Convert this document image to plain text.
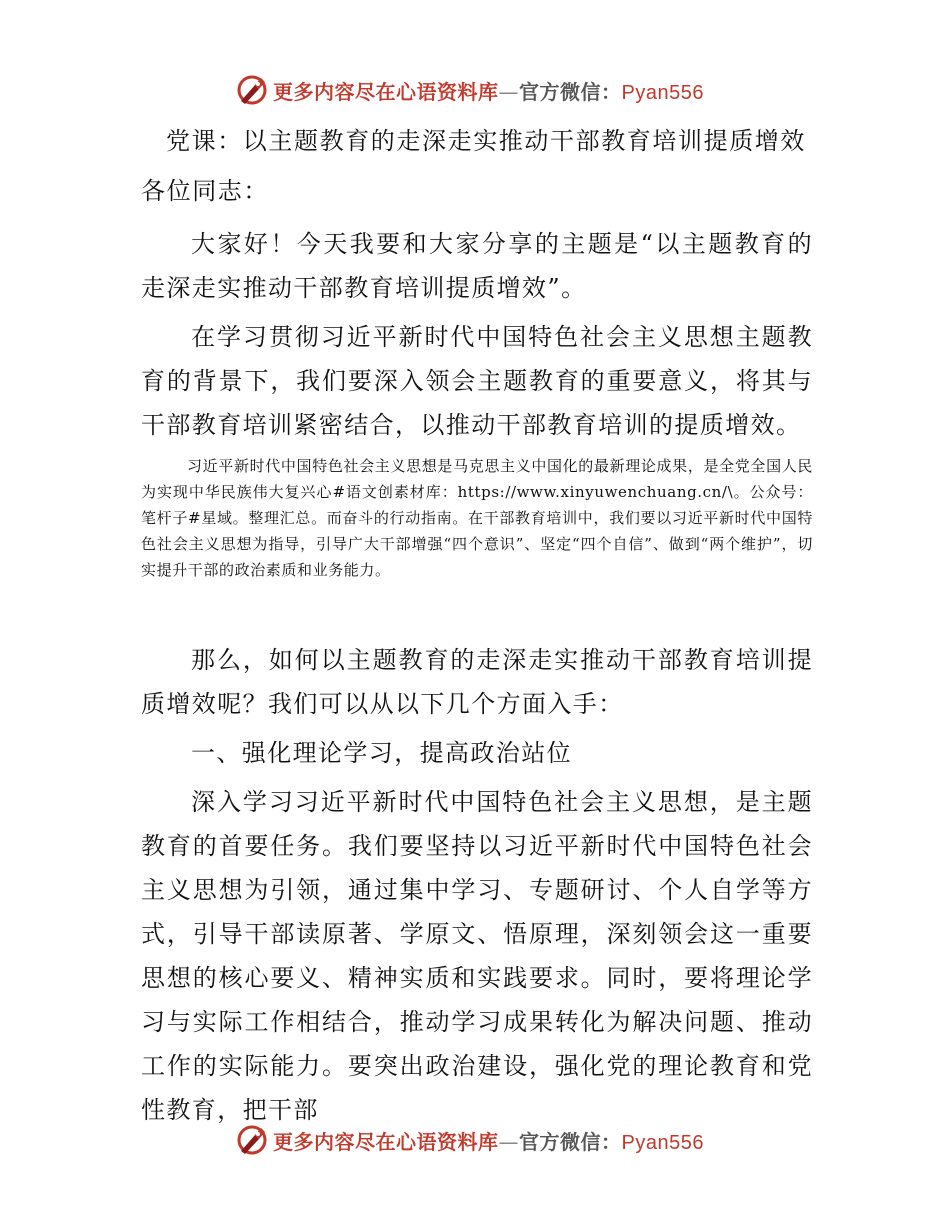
更多内容尽在心语资料库—官方微信：Pyan556
党课：以主题教育的走深走实推动干部教育培训提质增效
各位同志：

大家好！今天我要和大家分享的主题是“以主题教育的走深走实推动干部教育培训提质增效”。

在学习贯彻习近平新时代中国特色社会主义思想主题教育的背景下，我们要深入领会主题教育的重要意义，将其与干部教育培训紧密结合，以推动干部教育培训的提质增效。

习近平新时代中国特色社会主义思想是马克思主义中国化的最新理论成果，是全党全国人民为实现中华民族伟大复兴心#语文创素材库：https://www.xinyuwenchuang.cn/\。公众号：笔杆子#星域。整理汇总。而奋斗的行动指南。在干部教育培训中，我们要以习近平新时代中国特色社会主义思想为指导，引导广大干部增强“四个意识”、坚定“四个自信”、做到“两个维护”，切实提升干部的政治素质和业务能力。

那么，如何以主题教育的走深走实推动干部教育培训提质增效呢？我们可以从以下几个方面入手：

一、强化理论学习，提高政治站位

深入学习习近平新时代中国特色社会主义思想，是主题教育的首要任务。我们要坚持以习近平新时代中国特色社会主义思想为引领，通过集中学习、专题研讨、个人自学等方式，引导干部读原著、学原文、悟原理，深刻领会这一重要思想的核心要义、精神实质和实践要求。同时，要将理论学习与实际工作相结合，推动学习成果转化为解决问题、推动工作的实际能力。要突出政治建设，强化党的理论教育和党性教育，把干部

更多内容尽在心语资料库—官方微信：Pyan556
